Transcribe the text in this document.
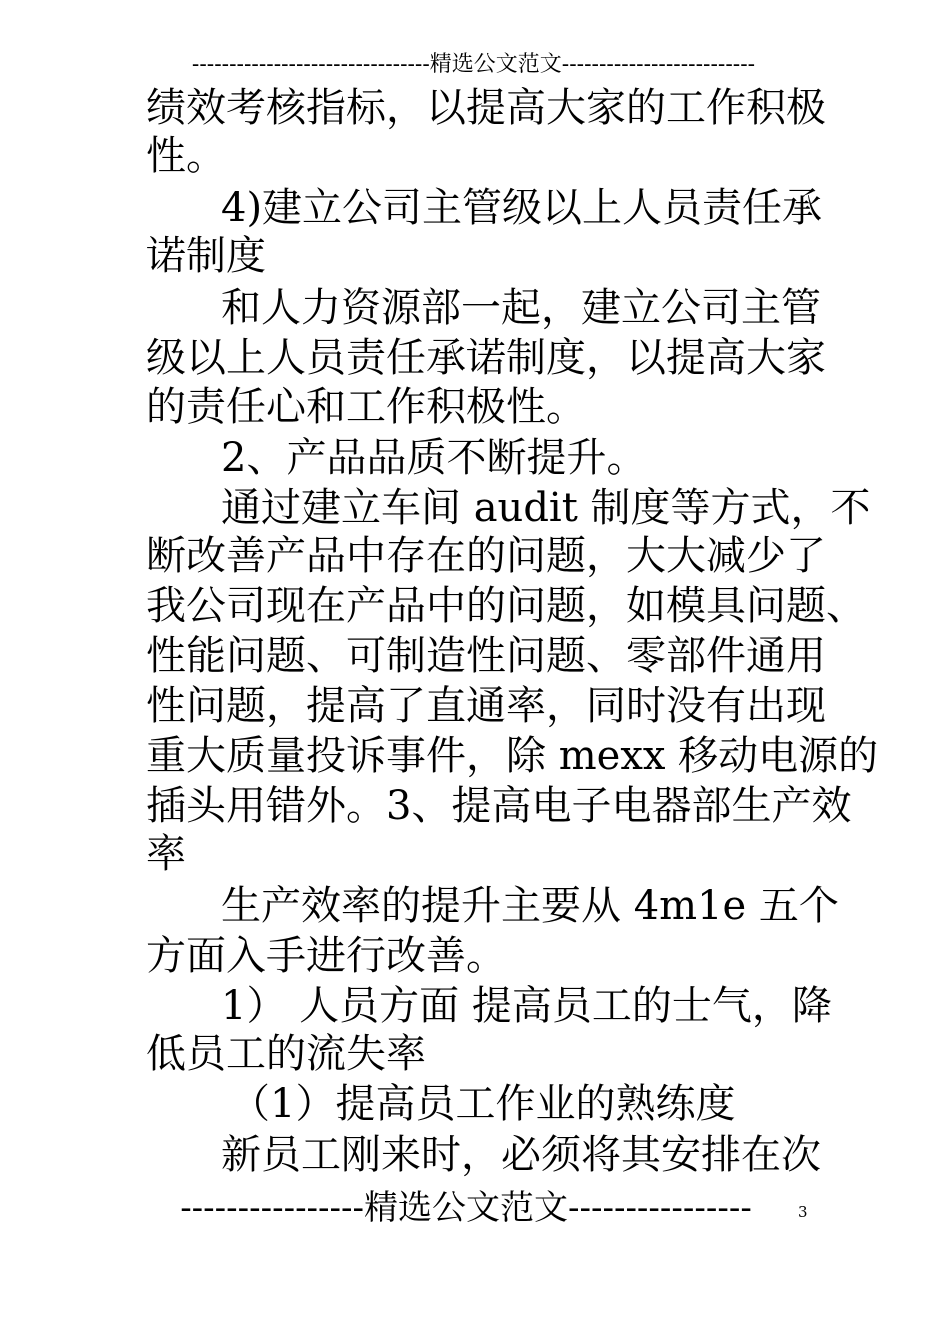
--------------------------------精选公文范文--------------------------
绩效考核指标，以提高大家的工作积极
性。
4)建立公司主管级以上人员责任承
诺制度
和人力资源部一起，建立公司主管
级以上人员责任承诺制度，以提高大家
的责任心和工作积极性。
2、产品品质不断提升。
通过建立车间 audit 制度等方式，不
断改善产品中存在的问题，大大减少了
我公司现在产品中的问题，如模具问题、
性能问题、可制造性问题、零部件通用
性问题，提高了直通率，同时没有出现
重大质量投诉事件，除 mexx 移动电源的
插头用错外。3、提高电子电器部生产效
率
生产效率的提升主要从 4m1e 五个
方面入手进行改善。
1） 人员方面 提高员工的士气，降
低员工的流失率
（1）提高员工作业的熟练度
新员工刚来时，必须将其安排在次
----------------精选公文范文----------------	3
